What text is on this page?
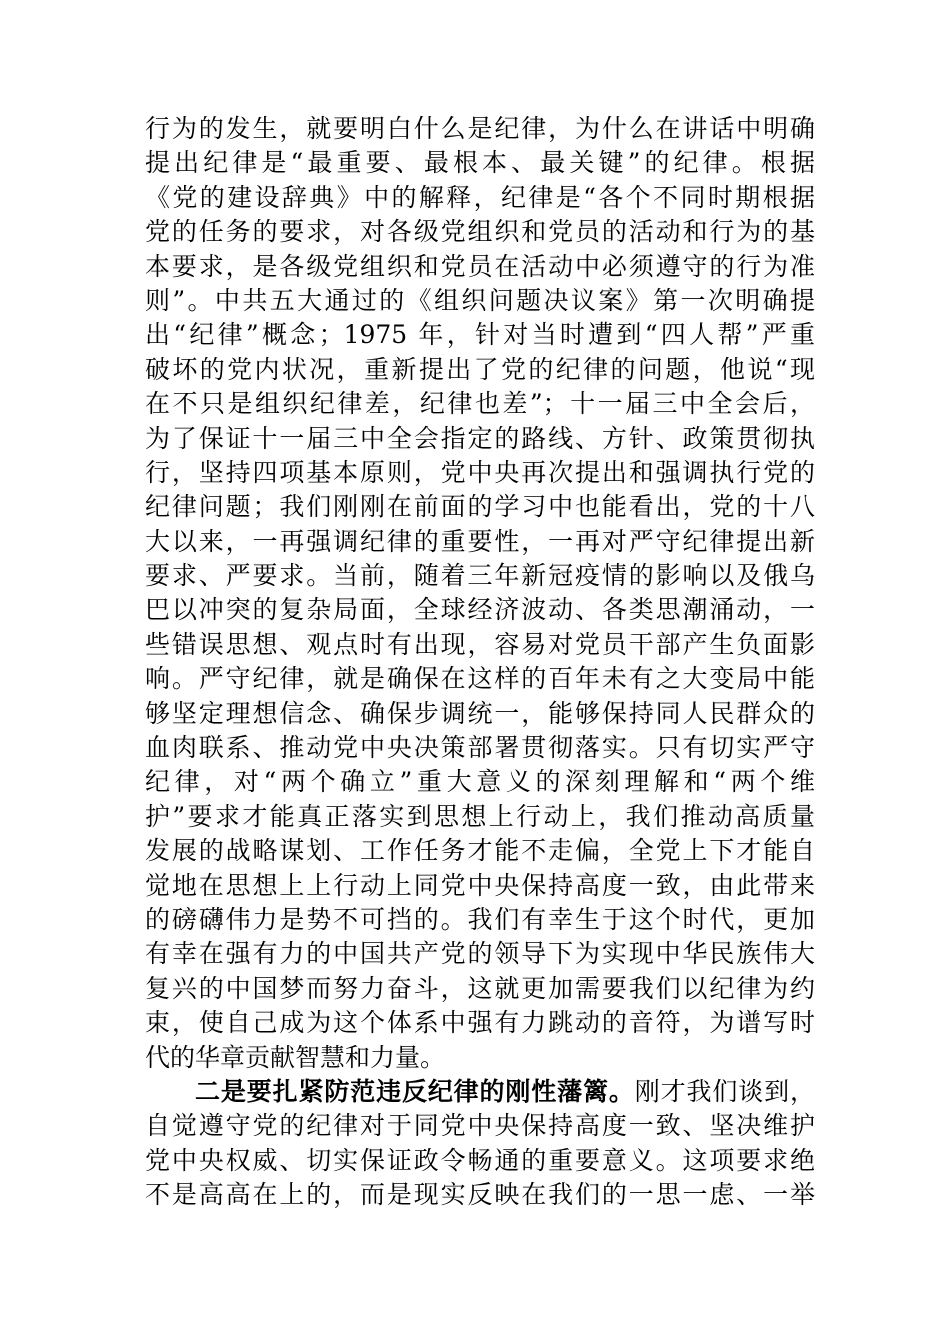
行为的发生，就要明白什么是纪律，为什么在讲话中明确
提出纪律是“最重要、最根本、最关键”的纪律。根据
《党的建设辞典》中的解释，纪律是“各个不同时期根据
党的任务的要求，对各级党组织和党员的活动和行为的基
本要求，是各级党组织和党员在活动中必须遵守的行为准
则”。中共五大通过的《组织问题决议案》第一次明确提
出“纪律”概念；1975 年，针对当时遭到“四人帮”严重
破坏的党内状况，重新提出了党的纪律的问题，他说“现
在不只是组织纪律差，纪律也差”；十一届三中全会后，
为了保证十一届三中全会指定的路线、方针、政策贯彻执
行，坚持四项基本原则，党中央再次提出和强调执行党的
纪律问题；我们刚刚在前面的学习中也能看出，党的十八
大以来，一再强调纪律的重要性，一再对严守纪律提出新
要求、严要求。当前，随着三年新冠疫情的影响以及俄乌
巴以冲突的复杂局面，全球经济波动、各类思潮涌动，一
些错误思想、观点时有出现，容易对党员干部产生负面影
响。严守纪律，就是确保在这样的百年未有之大变局中能
够坚定理想信念、确保步调统一，能够保持同人民群众的
血肉联系、推动党中央决策部署贯彻落实。只有切实严守
纪律，对“两个确立”重大意义的深刻理解和“两个维
护”要求才能真正落实到思想上行动上，我们推动高质量
发展的战略谋划、工作任务才能不走偏，全党上下才能自
觉地在思想上上行动上同党中央保持高度一致，由此带来
的磅礴伟力是势不可挡的。我们有幸生于这个时代，更加
有幸在强有力的中国共产党的领导下为实现中华民族伟大
复兴的中国梦而努力奋斗，这就更加需要我们以纪律为约
束，使自己成为这个体系中强有力跳动的音符，为谱写时
代的华章贡献智慧和力量。
二是要扎紧防范违反纪律的刚性藩篱。刚才我们谈到，
自觉遵守党的纪律对于同党中央保持高度一致、坚决维护
党中央权威、切实保证政令畅通的重要意义。这项要求绝
不是高高在上的，而是现实反映在我们的一思一虑、一举
